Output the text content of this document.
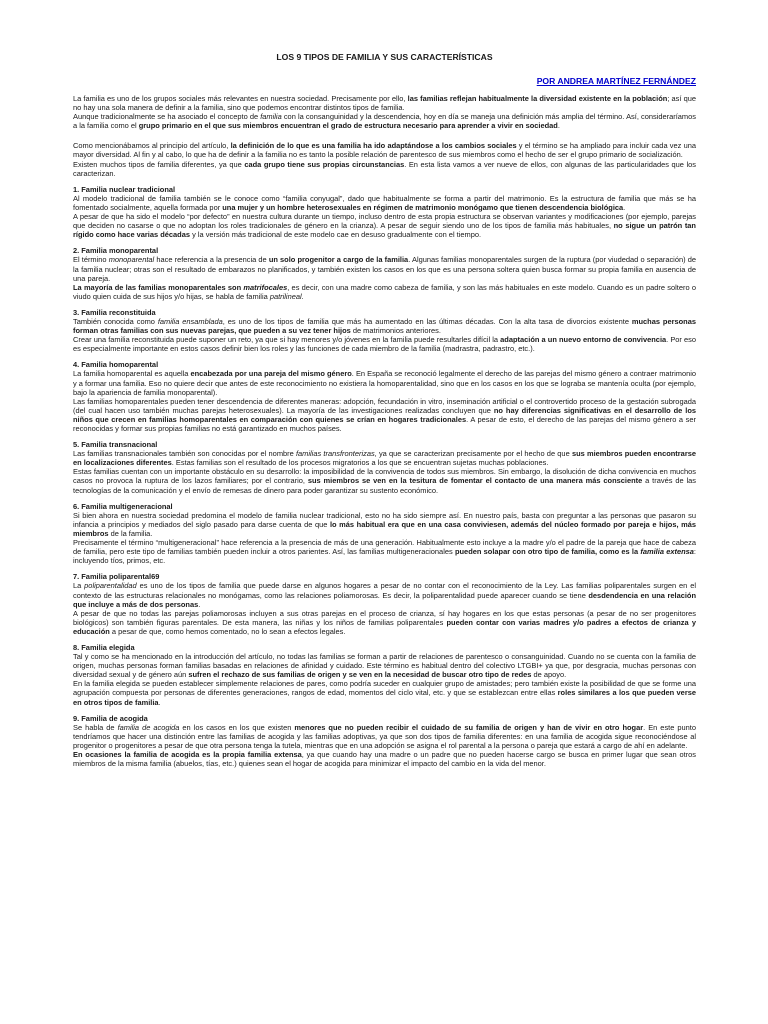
LOS 9 TIPOS DE FAMILIA Y SUS CARACTERÍSTICAS
POR ANDREA MARTÍNEZ FERNÁNDEZ

La familia es uno de los grupos sociales más relevantes en nuestra sociedad. Precisamente por ello, las familias reflejan habitualmente la diversidad existente en la población; así que no hay una sola manera de definir a la familia, sino que podemos encontrar distintos tipos de familia.

Aunque tradicionalmente se ha asociado el concepto de familia con la consanguinidad y la descendencia, hoy en día se maneja una definición más amplia del término. Así, consideraríamos a la familia como el grupo primario en el que sus miembros encuentran el grado de estructura necesario para aprender a vivir en sociedad.

Como mencionábamos al principio del artículo, la definición de lo que es una familia ha ido adaptándose a los cambios sociales y el término se ha ampliado para incluir cada vez una mayor diversidad. Al fin y al cabo, lo que ha de definir a la familia no es tanto la posible relación de parentesco de sus miembros como el hecho de ser el grupo primario de socialización.

Existen muchos tipos de familia diferentes, ya que cada grupo tiene sus propias circunstancias. En esta lista vamos a ver nueve de ellos, con algunas de las particularidades que los caracterizan.

1. Familia nuclear tradicional

Al modelo tradicional de familia también se le conoce como “familia conyugal”, dado que habitualmente se forma a partir del matrimonio. Es la estructura de familia que más se ha fomentado socialmente, aquella formada por una mujer y un hombre heterosexuales en régimen de matrimonio monógamo que tienen descendencia biológica.

A pesar de que ha sido el modelo “por defecto” en nuestra cultura durante un tiempo, incluso dentro de esta propia estructura se observan variantes y modificaciones (por ejemplo, parejas que deciden no casarse o que no adoptan los roles tradicionales de género en la crianza). A pesar de seguir siendo uno de los tipos de familia más habituales, no sigue un patrón tan rígido como hace varias décadas y la versión más tradicional de este modelo cae en desuso gradualmente con el tiempo.

2. Familia monoparental

El término monoparental hace referencia a la presencia de un solo progenitor a cargo de la familia. Algunas familias monoparentales surgen de la ruptura (por viudedad o separación) de la familia nuclear; otras son el resultado de embarazos no planificados, y también existen los casos en los que es una persona soltera quien busca formar su propia familia en ausencia de una pareja.

La mayoría de las familias monoparentales son matrifocales, es decir, con una madre como cabeza de familia, y son las más habituales en este modelo. Cuando es un padre soltero o viudo quien cuida de sus hijos y/o hijas, se habla de familia patrilineal.

3. Familia reconstituida

También conocida como familia ensamblada, es uno de los tipos de familia que más ha aumentado en las últimas décadas. Con la alta tasa de divorcios existente muchas personas forman otras familias con sus nuevas parejas, que pueden a su vez tener hijos de matrimonios anteriores.

Crear una familia reconstituida puede suponer un reto, ya que si hay menores y/o jóvenes en la familia puede resultarles difícil la adaptación a un nuevo entorno de convivencia. Por eso es especialmente importante en estos casos definir bien los roles y las funciones de cada miembro de la familia (madrastra, padrastro, etc.).

4. Familia homoparental

La familia homoparental es aquella encabezada por una pareja del mismo género. En España se reconoció legalmente el derecho de las parejas del mismo género a contraer matrimonio y a formar una familia. Eso no quiere decir que antes de este reconocimiento no existiera la homoparentalidad, sino que en los casos en los que se lograba se mantenía oculta (por ejemplo, bajo la apariencia de familia monoparental).

Las familias homoparentales pueden tener descendencia de diferentes maneras: adopción, fecundación in vitro, inseminación artificial o el controvertido proceso de la gestación subrogada (del cual hacen uso también muchas parejas heterosexuales). La mayoría de las investigaciones realizadas concluyen que no hay diferencias significativas en el desarrollo de los niños que crecen en familias homoparentales en comparación con quienes se crían en hogares tradicionales. A pesar de esto, el derecho de las parejas del mismo género a ser reconocidas y formar sus propias familias no está garantizado en muchos países.

5. Familia transnacional

Las familias transnacionales también son conocidas por el nombre familias transfronterizas, ya que se caracterizan precisamente por el hecho de que sus miembros pueden encontrarse en localizaciones diferentes. Estas familias son el resultado de los procesos migratorios a los que se encuentran sujetas muchas poblaciones.

Estas familias cuentan con un importante obstáculo en su desarrollo: la imposibilidad de la convivencia de todos sus miembros. Sin embargo, la disolución de dicha convivencia en muchos casos no provoca la ruptura de los lazos familiares; por el contrario, sus miembros se ven en la tesitura de fomentar el contacto de una manera más consciente a través de las tecnologías de la comunicación y el envío de remesas de dinero para poder garantizar su sustento económico.

6. Familia multigeneracional

Si bien ahora en nuestra sociedad predomina el modelo de familia nuclear tradicional, esto no ha sido siempre así. En nuestro país, basta con preguntar a las personas que pasaron su infancia a principios y mediados del siglo pasado para darse cuenta de que lo más habitual era que en una casa conviviesen, además del núcleo formado por pareja e hijos, más miembros de la familia.

Precisamente el término “multigeneracional” hace referencia a la presencia de más de una generación. Habitualmente esto incluye a la madre y/o el padre de la pareja que hace de cabeza de familia, pero este tipo de familias también pueden incluir a otros parientes. Así, las familias multigeneracionales pueden solapar con otro tipo de familia, como es la familia extensa: incluyendo tíos, primos, etc.

7. Familia poliparental69

La poliparentalidad es uno de los tipos de familia que puede darse en algunos hogares a pesar de no contar con el reconocimiento de la Ley. Las familias poliparentales surgen en el contexto de las estructuras relacionales no monógamas, como las relaciones poliamorosas. Es decir, la poliparentalidad puede aparecer cuando se tiene desdendencia en una relación que incluye a más de dos personas.

A pesar de que no todas las parejas poliamorosas incluyen a sus otras parejas en el proceso de crianza, sí hay hogares en los que estas personas (a pesar de no ser progenitores biológicos) son también figuras parentales. De esta manera, las niñas y los niños de familias poliparentales pueden contar con varias madres y/o padres a efectos de crianza y educación a pesar de que, como hemos comentado, no lo sean a efectos legales.

8. Familia elegida

Tal y como se ha mencionado en la introducción del artículo, no todas las familias se forman a partir de relaciones de parentesco o consanguinidad. Cuando no se cuenta con la familia de origen, muchas personas forman familias basadas en relaciones de afinidad y cuidado. Este término es habitual dentro del colectivo LTGBI+ ya que, por desgracia, muchas personas con diversidad sexual y de género aún sufren el rechazo de sus familias de origen y se ven en la necesidad de buscar otro tipo de redes de apoyo.

En la familia elegida se pueden establecer simplemente relaciones de pares, como podría suceder en cualquier grupo de amistades; pero también existe la posibilidad de que se forme una agrupación compuesta por personas de diferentes generaciones, rangos de edad, momentos del ciclo vital, etc. y que se establezcan entre ellas roles similares a los que pueden verse en otros tipos de familia.

9. Familia de acogida

Se habla de familia de acogida en los casos en los que existen menores que no pueden recibir el cuidado de su familia de origen y han de vivir en otro hogar. En este punto tendríamos que hacer una distinción entre las familias de acogida y las familias adoptivas, ya que son dos tipos de familia diferentes: en una familia de acogida sigue reconociéndose al progenitor o progenitores a pesar de que otra persona tenga la tutela, mientras que en una adopción se asigna el rol parental a la persona o pareja que estará a cargo de ahí en adelante.

En ocasiones la familia de acogida es la propia familia extensa, ya que cuando hay una madre o un padre que no pueden hacerse cargo se busca en primer lugar que sean otros miembros de la misma familia (abuelos, tías, etc.) quienes sean el hogar de acogida para minimizar el impacto del cambio en la vida del menor.
